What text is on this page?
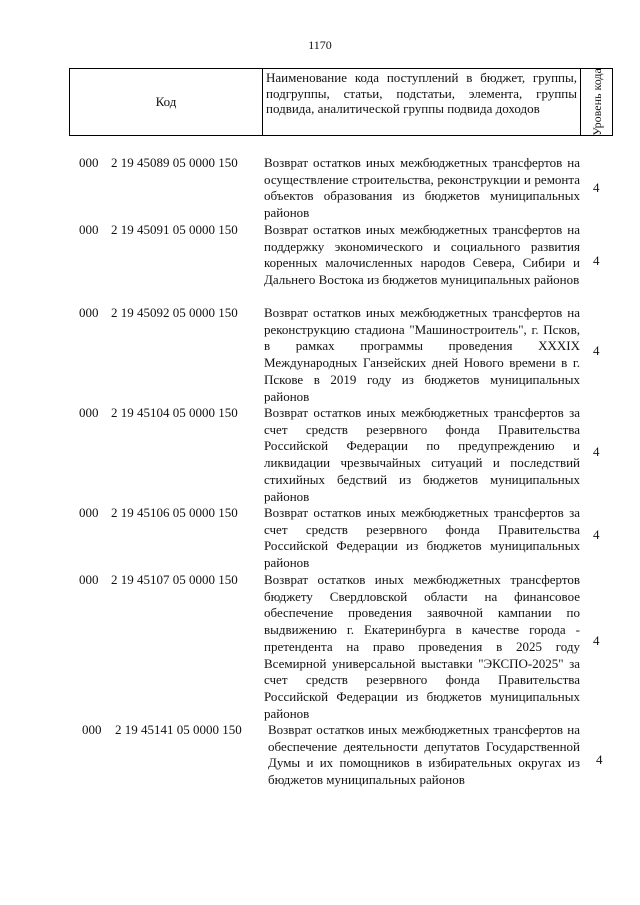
1170
Код
Наименование кода поступлений в бюджет, группы, подгруппы, статьи, подстатьи, элемента, группы подвида, аналитической группы подвида доходов	Уровень кода
000 2 19 45089 05 0000 150 Возврат остатков иных межбюджетных трансфертов на осуществление строительства, реконструкции и ремонта объектов образования из бюджетов муниципальных районов
4
000 2 19 45091 05 0000 150 Возврат остатков иных межбюджетных трансфертов на поддержку экономического и социального развития коренных малочисленных народов Севера, Сибири и Дальнего Востока из бюджетов муниципальных районов
4
000 2 19 45092 05 0000 150 Возврат остатков иных межбюджетных трансфертов на реконструкцию стадиона "Машиностроитель", г. Псков, в рамках программы проведения XXXIX Международных Ганзейских дней Нового времени в г. Пскове в 2019 году из бюджетов муниципальных районов
4
000 2 19 45104 05 0000 150 Возврат остатков иных межбюджетных трансфертов за счет средств резервного фонда Правительства Российской Федерации по предупреждению и ликвидации чрезвычайных ситуаций и последствий стихийных бедствий из бюджетов муниципальных районов
4
000 2 19 45106 05 0000 150 Возврат остатков иных межбюджетных трансфертов за счет средств резервного фонда Правительства Российской Федерации из бюджетов муниципальных районов
4
000 2 19 45107 05 0000 150 Возврат остатков иных межбюджетных трансфертов бюджету Свердловской области на финансовое обеспечение проведения заявочной кампании по выдвижению г. Екатеринбурга в качестве города - претендента на право проведения в 2025 году Всемирной универсальной выставки "ЭКСПО-2025" за счет средств резервного фонда Правительства Российской Федерации из бюджетов муниципальных районов
4
000 2 19 45141 05 0000 150 Возврат остатков иных межбюджетных трансфертов на обеспечение деятельности депутатов Государственной Думы и их помощников в избирательных округах из бюджетов муниципальных районов
4
